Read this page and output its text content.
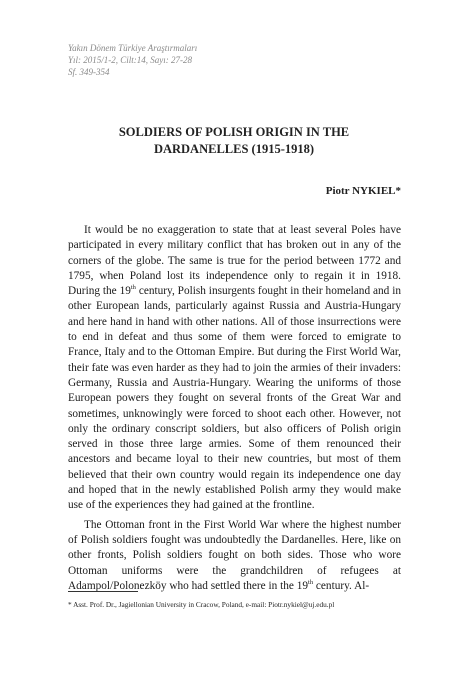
Yakın Dönem Türkiye Araştırmaları
Yıl: 2015/1-2, Cilt:14, Sayı: 27-28
Sf. 349-354
SOLDIERS OF POLISH ORIGIN IN THE
DARDANELLES (1915-1918)
Piotr NYKIEL*

It would be no exaggeration to state that at least several Poles have participated in every military conflict that has broken out in any of the corners of the globe. The same is true for the period between 1772 and 1795, when Poland lost its independence only to regain it in 1918. During the 19th century, Polish insurgents fought in their homeland and in other European lands, particularly against Russia and Austria-Hungary and here hand in hand with other nations. All of those insurrections were to end in defeat and thus some of them were forced to emigrate to France, Italy and to the Ottoman Empire. But during the First World War, their fate was even harder as they had to join the armies of their invaders: Germany, Russia and Austria-Hungary. Wearing the uniforms of those European powers they fought on several fronts of the Great War and sometimes, unknowingly were forced to shoot each other. However, not only the ordinary conscript soldiers, but also officers of Polish origin served in those three large armies. Some of them renounced their ancestors and became loyal to their new countries, but most of them believed that their own country would regain its independence one day and hoped that in the newly established Polish army they would make use of the experiences they had gained at the frontline.

The Ottoman front in the First World War where the highest number of Polish soldiers fought was undoubtedly the Dardanelles. Here, like on other fronts, Polish soldiers fought on both sides. Those who wore Ottoman uniforms were the grandchildren of refugees at Adampol/Polonezköy who had settled there in the 19th century. Al-

* Asst. Prof. Dr., Jagiellonian University in Cracow, Poland, e-mail: Piotr.nykiel@uj.edu.pl
